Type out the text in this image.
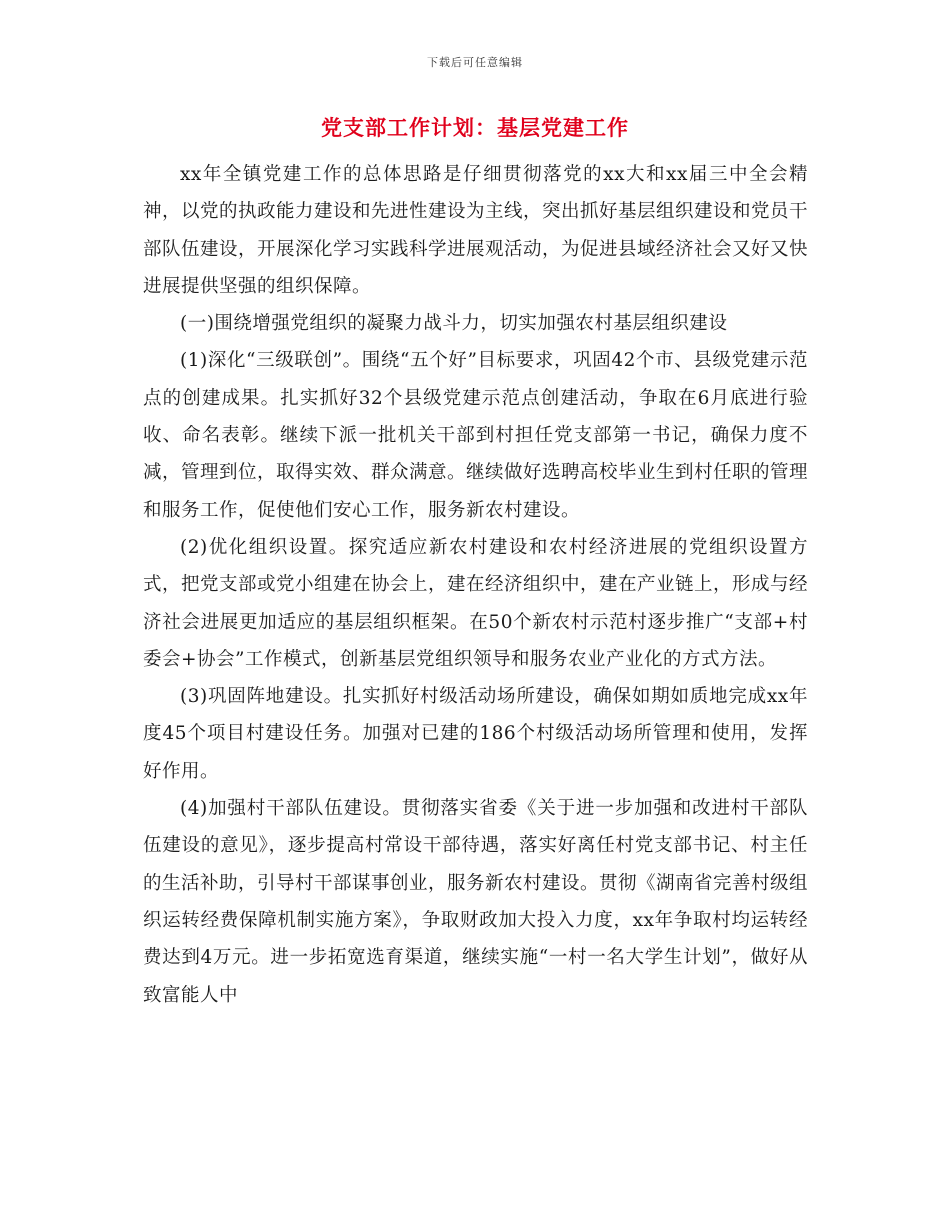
下载后可任意编辑
党支部工作计划：基层党建工作

xx年全镇党建工作的总体思路是仔细贯彻落党的xx大和xx届三中全会精神，以党的执政能力建设和先进性建设为主线，突出抓好基层组织建设和党员干部队伍建设，开展深化学习实践科学进展观活动，为促进县域经济社会又好又快进展提供坚强的组织保障。

(一)围绕增强党组织的凝聚力战斗力，切实加强农村基层组织建设

(1)深化“三级联创”。围绕“五个好”目标要求，巩固42个市、县级党建示范点的创建成果。扎实抓好32个县级党建示范点创建活动，争取在6月底进行验收、命名表彰。继续下派一批机关干部到村担任党支部第一书记，确保力度不减，管理到位，取得实效、群众满意。继续做好选聘高校毕业生到村任职的管理和服务工作，促使他们安心工作，服务新农村建设。

(2)优化组织设置。探究适应新农村建设和农村经济进展的党组织设置方式，把党支部或党小组建在协会上，建在经济组织中，建在产业链上，形成与经济社会进展更加适应的基层组织框架。在50个新农村示范村逐步推广“支部+村委会+协会”工作模式，创新基层党组织领导和服务农业产业化的方式方法。

(3)巩固阵地建设。扎实抓好村级活动场所建设，确保如期如质地完成xx年度45个项目村建设任务。加强对已建的186个村级活动场所管理和使用，发挥好作用。

(4)加强村干部队伍建设。贯彻落实省委《关于进一步加强和改进村干部队伍建设的意见》，逐步提高村常设干部待遇，落实好离任村党支部书记、村主任的生活补助，引导村干部谋事创业，服务新农村建设。贯彻《湖南省完善村级组织运转经费保障机制实施方案》，争取财政加大投入力度，xx年争取村均运转经费达到4万元。进一步拓宽选育渠道，继续实施“一村一名大学生计划”，做好从致富能人中
